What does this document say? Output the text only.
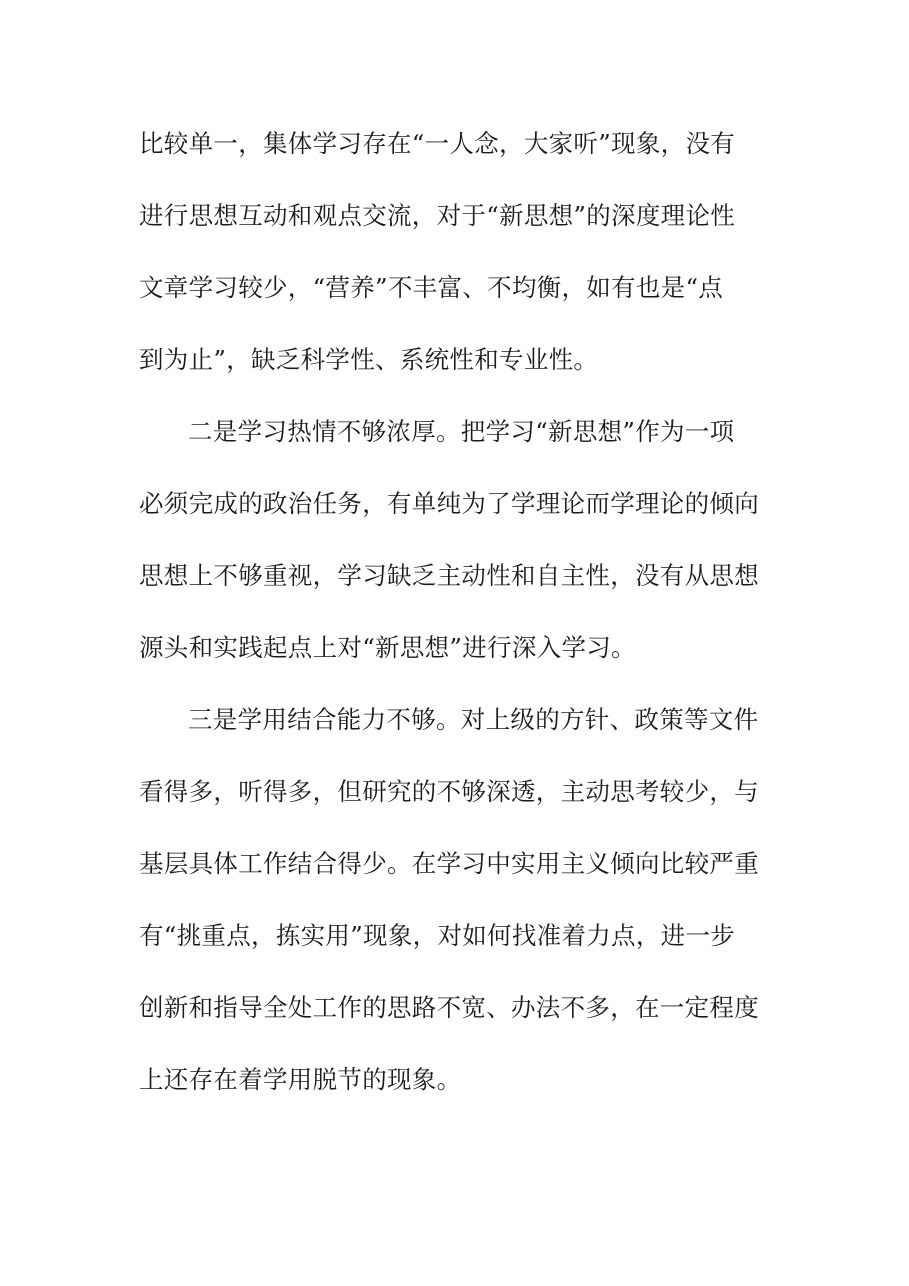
比较单一，集体学习存在“一人念，大家听”现象，没有
进行思想互动和观点交流，对于“新思想”的深度理论性
文章学习较少，“营养”不丰富、不均衡，如有也是“点
到为止”，缺乏科学性、系统性和专业性。
二是学习热情不够浓厚。把学习“新思想”作为一项
必须完成的政治任务，有单纯为了学理论而学理论的倾向
思想上不够重视，学习缺乏主动性和自主性，没有从思想
源头和实践起点上对“新思想”进行深入学习。
三是学用结合能力不够。对上级的方针、政策等文件
看得多，听得多，但研究的不够深透，主动思考较少，与
基层具体工作结合得少。在学习中实用主义倾向比较严重
有“挑重点，拣实用”现象，对如何找准着力点，进一步
创新和指导全处工作的思路不宽、办法不多，在一定程度
上还存在着学用脱节的现象。
